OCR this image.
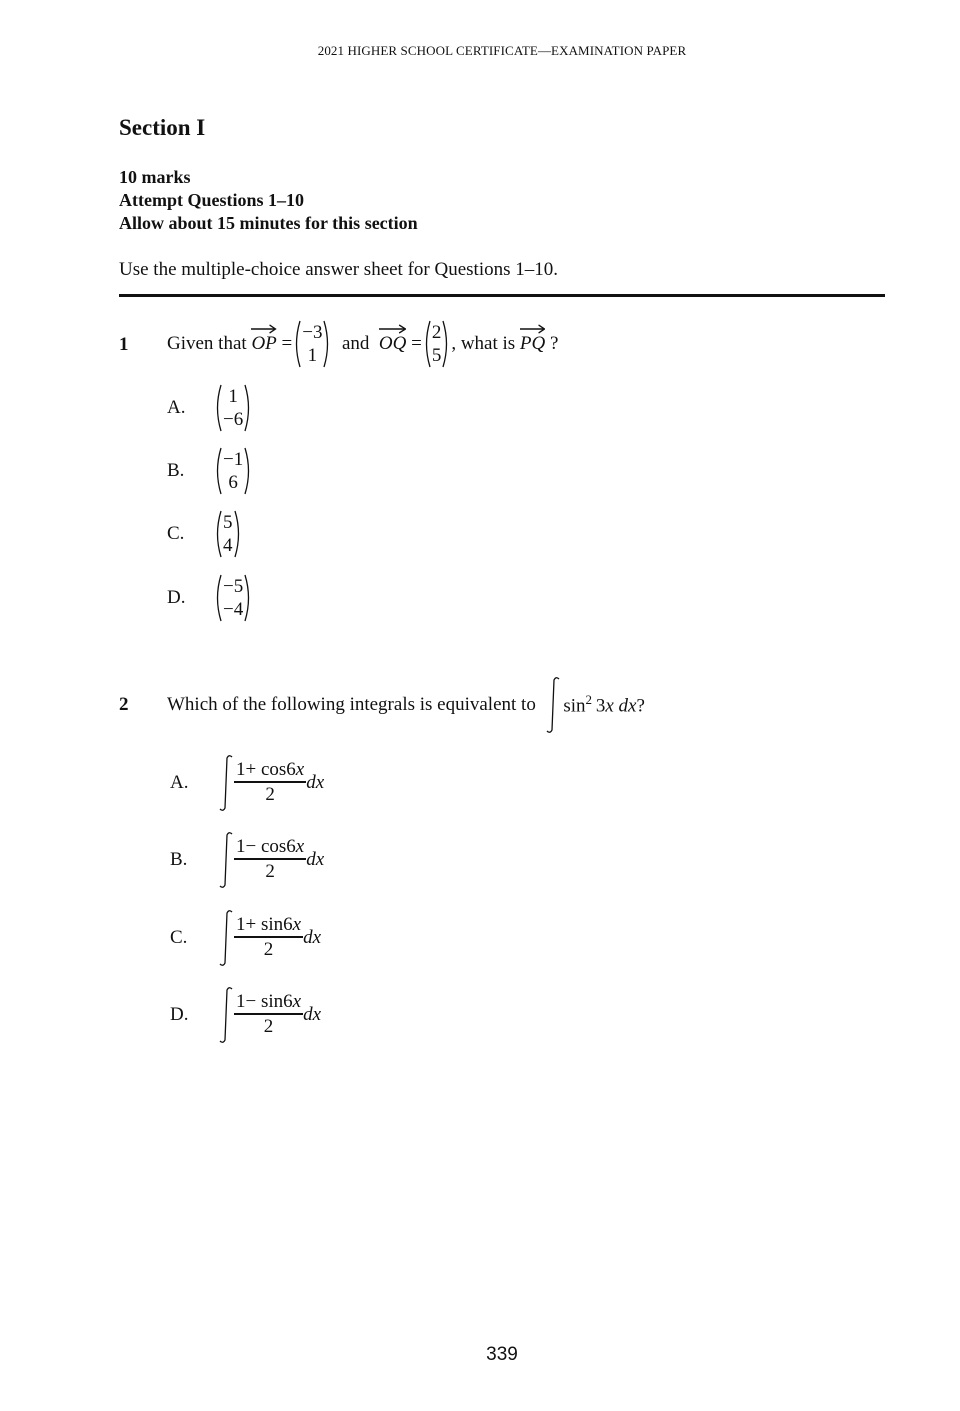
2021 HIGHER SCHOOL CERTIFICATE—EXAMINATION PAPER
Section I
10 marks
Attempt Questions 1–10
Allow about 15 minutes for this section
Use the multiple-choice answer sheet for Questions 1–10.
1 Given that
OP
=
−3
1

and
OQ
=
2
5
, what is
PQ
?
A.
1
−6
B.
−1
6
C.
5
4
D.
−5
−4
2 Which of the following integrals is equivalent to
$\sin^2 3x$ dx?
A.	$\frac{1+ \cos 6x}{2}$ dx
B.	$\frac{1- \cos 6x}{2}$ dx
C.	$\frac{1+ \sin 6x}{2}$ dx
D.	$\frac{1- \sin 6x}{2}$ dx
339
